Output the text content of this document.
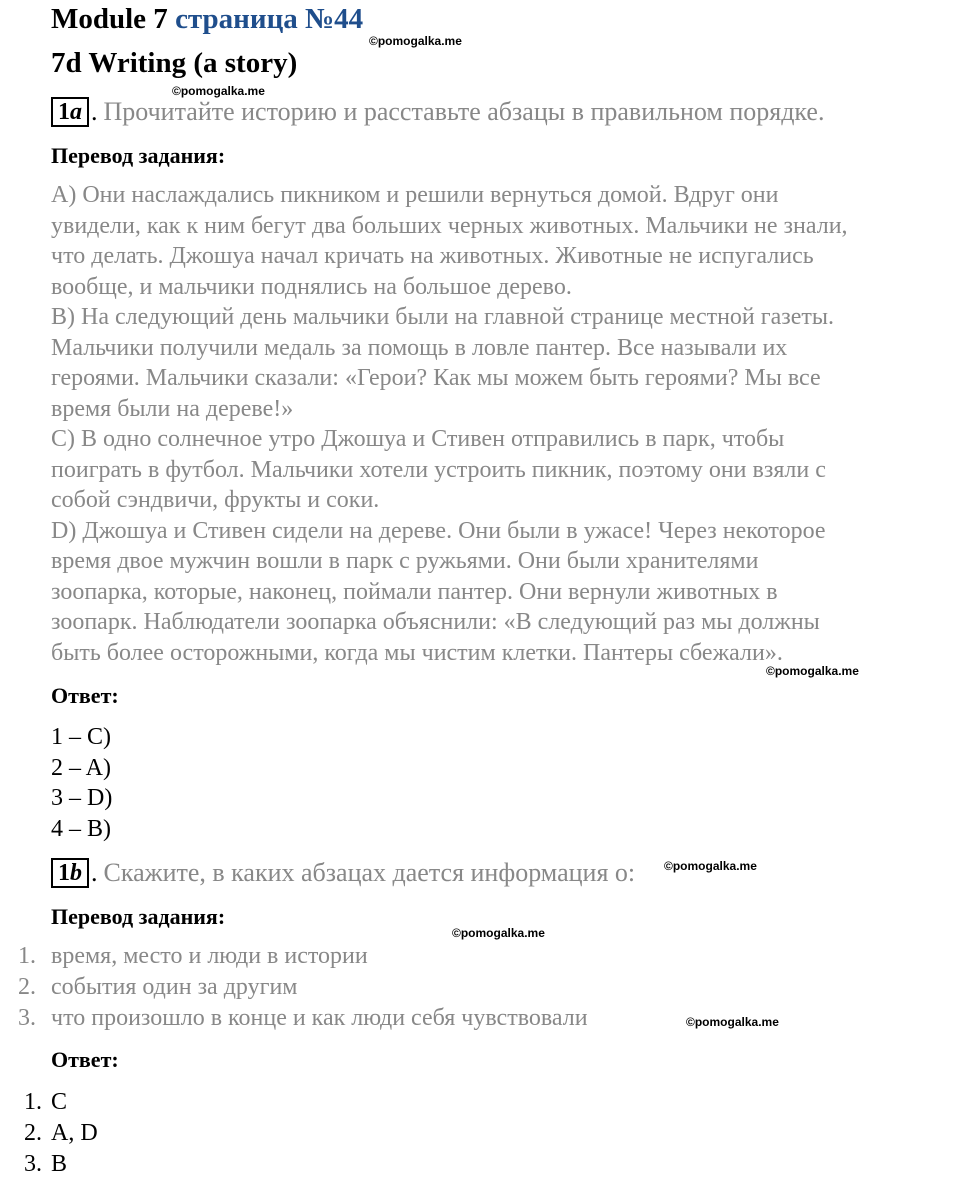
Module 7 страница №44
©pomogalka.me
7d Writing (a story)
©pomogalka.me
1a . Прочитайте историю и расставьте абзацы в правильном порядке.
Перевод задания:

A) Они наслаждались пикником и решили вернуться домой. Вдруг они

увидели, как к ним бегут два больших черных животных. Мальчики не знали,

что делать. Джошуа начал кричать на животных. Животные не испугались

вообще, и мальчики поднялись на большое дерево.

B) На следующий день мальчики были на главной странице местной газеты.

Мальчики получили медаль за помощь в ловле пантер. Все называли их

героями. Мальчики сказали: «Герои? Как мы можем быть героями? Мы все

время были на дереве!»

C) В одно солнечное утро Джошуа и Стивен отправились в парк, чтобы

поиграть в футбол. Мальчики хотели устроить пикник, поэтому они взяли с

собой сэндвичи, фрукты и соки.

D) Джошуа и Стивен сидели на дереве. Они были в ужасе! Через некоторое

время двое мужчин вошли в парк с ружьями. Они были хранителями

зоопарка, которые, наконец, поймали пантер. Они вернули животных в

зоопарк. Наблюдатели зоопарка объяснили: «В следующий раз мы должны

быть более осторожными, когда мы чистим клетки. Пантеры сбежали».

©pomogalka.me
Ответ:
1 – C)
2 – A)
3 – D)
4 – B)
1b . Скажите, в каких абзацах дается информация о: ©pomogalka.me
Перевод задания:
©pomogalka.me
1. время, место и люди в истории
2. события один за другим
3. что произошло в конце и как люди себя чувствовали	©pomogalka.me
Ответ:
1. C
2. A, D
3. B
